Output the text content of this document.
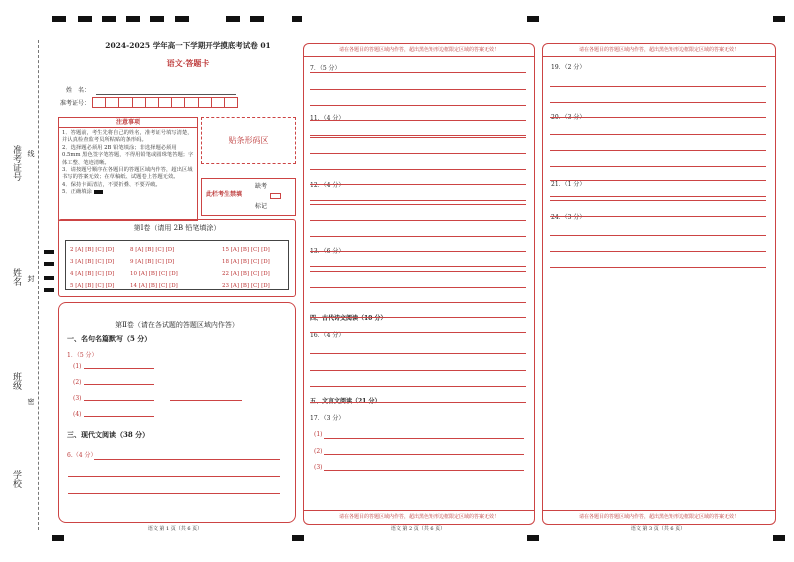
准考证号
姓名
班级
学校
线
封
密
2024-2025 学年高一下学期开学摸底考试卷 01
语文·答题卡
姓　名：
准考证号：
注意事项
1．答题前，考生先将自己的姓名，准考证号填写清楚，并认真检查监考员所粘贴的条形码。
2．选择题必须用 2B 铅笔填涂；非选择题必须用 0.5mm 黑色签字笔答题，不得用铅笔或圆珠笔答题；字体工整、笔迹清晰。
3．请按题号顺序在各题目的答题区域内作答，超出区域书写的答案无效；在草稿纸、试题卷上答题无效。
4．保持卡面清洁，不要折叠、不要弄破。
5．正确填涂
贴条形码区
此栏考生禁填
缺考
标记
第Ⅰ卷（请用 2B 铅笔填涂）
2 [A] [B] [C] [D]
3 [A] [B] [C] [D]
4 [A] [B] [C] [D]
5 [A] [B] [C] [D]
8 [A] [B] [C] [D]
9 [A] [B] [C] [D]
10 [A] [B] [C] [D]
14 [A] [B] [C] [D]
15 [A] [B] [C] [D]
18 [A] [B] [C] [D]
22 [A] [B] [C] [D]
23 [A] [B] [C] [D]
第Ⅱ卷（请在各试题的答题区域内作答）
一、名句名篇默写（5 分）
1．（5 分）
(1)
(2)
(3)
(4)
三、现代文阅读（38 分）
6.（4 分）
语文 第 1 页（共 6 页）
请在各题目的答题区域内作答，超出黑色矩形边框限定区域的答案无效！
7．（5 分）
11．（4 分）
12．（4 分）
13．（6 分）
四、古代诗文阅读（10 分）
16．（4 分）
五、文言文阅读（21 分）
17．（3 分）
(1)
(2)
(3)
请在各题目的答题区域内作答，超出黑色矩形边框限定区域的答案无效！
语文 第 2 页（共 6 页）
请在各题目的答题区域内作答，超出黑色矩形边框限定区域的答案无效！
19．（2 分）
20．（3 分）
21．（1 分）
24．（3 分）
请在各题目的答题区域内作答，超出黑色矩形边框限定区域的答案无效！
语文 第 3 页（共 6 页）
